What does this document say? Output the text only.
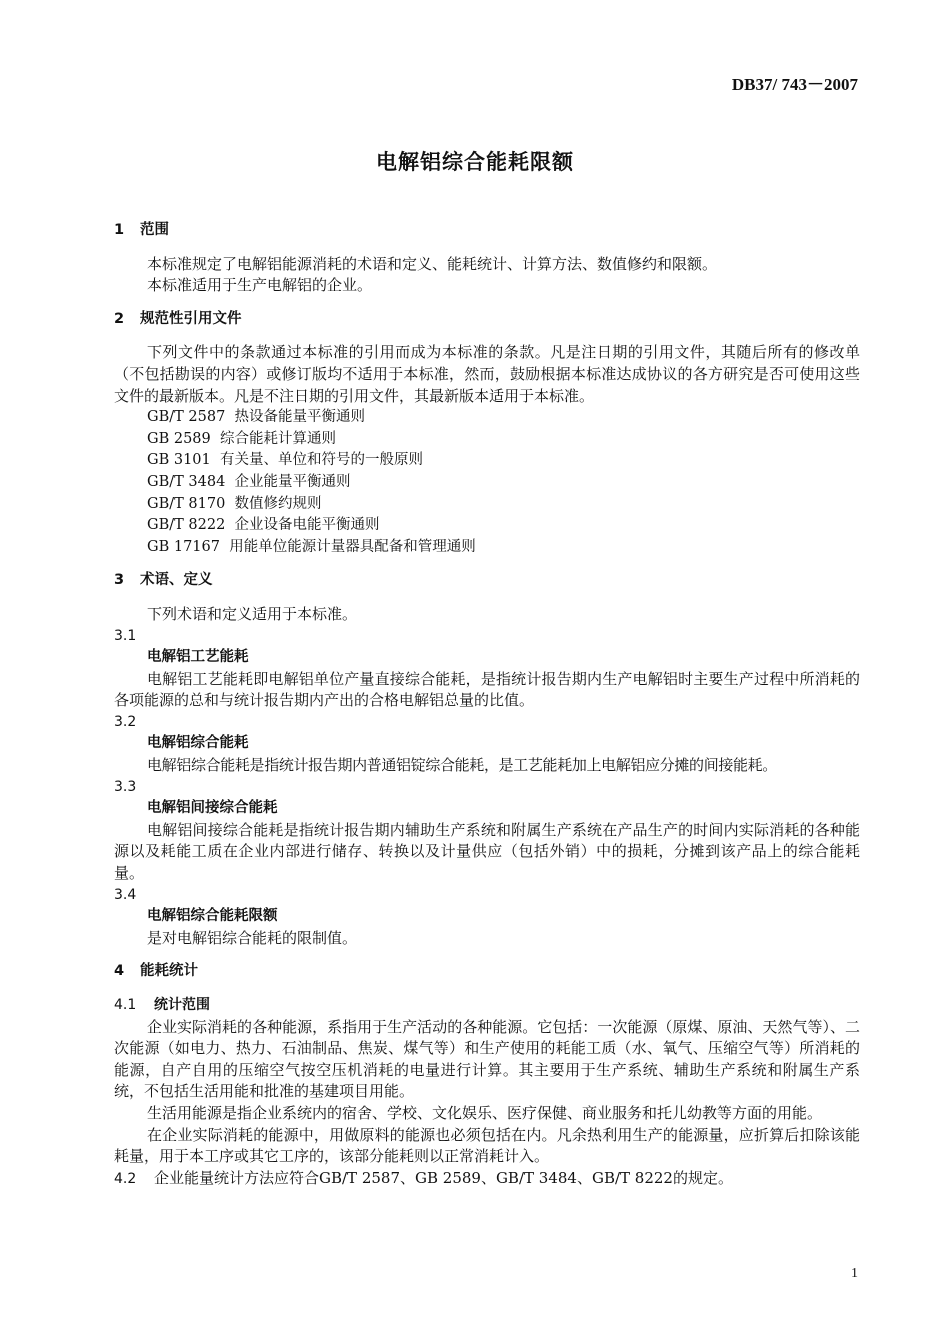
DB37/ 743－2007
电解铝综合能耗限额
1 范围
本标准规定了电解铝能源消耗的术语和定义、能耗统计、计算方法、数值修约和限额。
本标准适用于生产电解铝的企业。
2 规范性引用文件
下列文件中的条款通过本标准的引用而成为本标准的条款。凡是注日期的引用文件，其随后所有的修改单（不包括勘误的内容）或修订版均不适用于本标准，然而，鼓励根据本标准达成协议的各方研究是否可使用这些文件的最新版本。凡是不注日期的引用文件，其最新版本适用于本标准。
GB/T 2587  热设备能量平衡通则
GB 2589  综合能耗计算通则
GB 3101  有关量、单位和符号的一般原则
GB/T 3484  企业能量平衡通则
GB/T 8170  数值修约规则
GB/T 8222  企业设备电能平衡通则
GB 17167  用能单位能源计量器具配备和管理通则
3 术语、定义
下列术语和定义适用于本标准。
3.1
电解铝工艺能耗
电解铝工艺能耗即电解铝单位产量直接综合能耗，是指统计报告期内生产电解铝时主要生产过程中所消耗的各项能源的总和与统计报告期内产出的合格电解铝总量的比值。
3.2
电解铝综合能耗
电解铝综合能耗是指统计报告期内普通铝锭综合能耗，是工艺能耗加上电解铝应分摊的间接能耗。
3.3
电解铝间接综合能耗
电解铝间接综合能耗是指统计报告期内辅助生产系统和附属生产系统在产品生产的时间内实际消耗的各种能源以及耗能工质在企业内部进行储存、转换以及计量供应（包括外销）中的损耗，分摊到该产品上的综合能耗量。
3.4
电解铝综合能耗限额
是对电解铝综合能耗的限制值。
4 能耗统计
4.1 统计范围
企业实际消耗的各种能源，系指用于生产活动的各种能源。它包括：一次能源（原煤、原油、天然气等）、二次能源（如电力、热力、石油制品、焦炭、煤气等）和生产使用的耗能工质（水、氧气、压缩空气等）所消耗的能源，自产自用的压缩空气按空压机消耗的电量进行计算。其主要用于生产系统、辅助生产系统和附属生产系统，不包括生活用能和批准的基建项目用能。
生活用能源是指企业系统内的宿舍、学校、文化娱乐、医疗保健、商业服务和托儿幼教等方面的用能。
在企业实际消耗的能源中，用做原料的能源也必须包括在内。凡余热利用生产的能源量，应折算后扣除该能耗量，用于本工序或其它工序的，该部分能耗则以正常消耗计入。
4.2 企业能量统计方法应符合GB/T 2587、GB 2589、GB/T 3484、GB/T 8222的规定。
1
